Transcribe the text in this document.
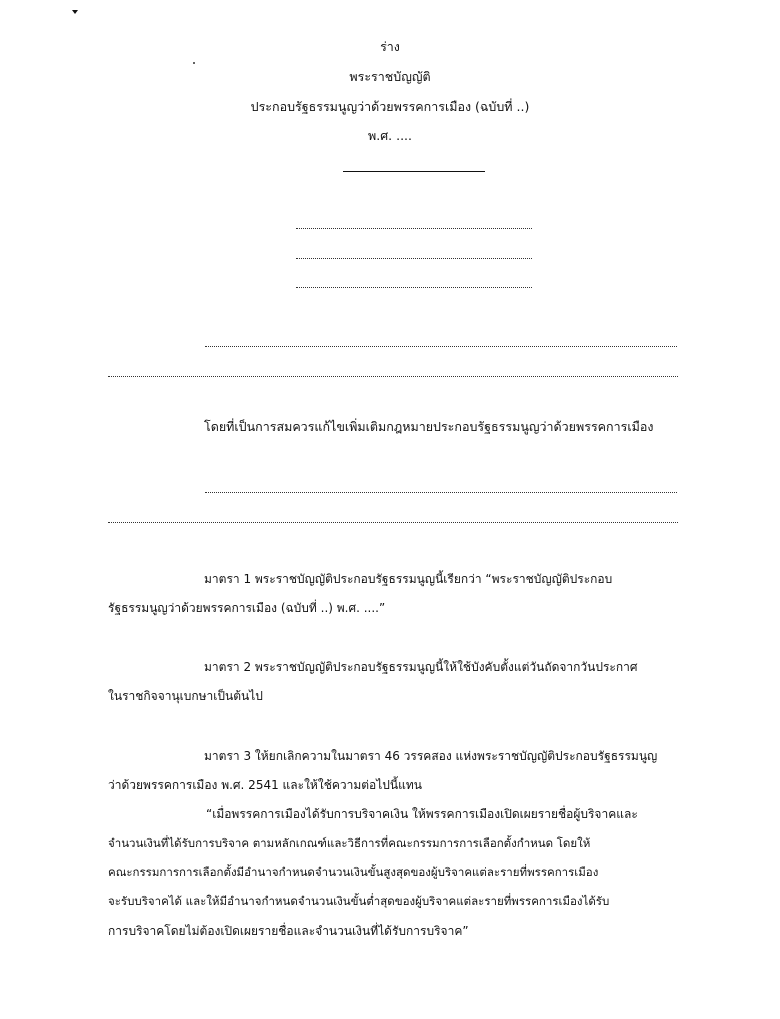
ร่าง
พระราชบัญญัติ
ประกอบรัฐธรรมนูญว่าด้วยพรรคการเมือง (ฉบับที่ ..)
พ.ศ. ....
โดยที่เป็นการสมควรแก้ไขเพิ่มเติมกฎหมายประกอบรัฐธรรมนูญว่าด้วยพรรคการเมือง
มาตรา 1 พระราชบัญญัติประกอบรัฐธรรมนูญนี้เรียกว่า “พระราชบัญญัติประกอบ
รัฐธรรมนูญว่าด้วยพรรคการเมือง (ฉบับที่ ..) พ.ศ. ....”
มาตรา 2 พระราชบัญญัติประกอบรัฐธรรมนูญนี้ให้ใช้บังคับตั้งแต่วันถัดจากวันประกาศ
ในราชกิจจานุเบกษาเป็นต้นไป
มาตรา 3 ให้ยกเลิกความในมาตรา 46 วรรคสอง แห่งพระราชบัญญัติประกอบรัฐธรรมนูญ
ว่าด้วยพรรคการเมือง พ.ศ. 2541 และให้ใช้ความต่อไปนี้แทน
“เมื่อพรรคการเมืองได้รับการบริจาคเงิน ให้พรรคการเมืองเปิดเผยรายชื่อผู้บริจาคและ
จำนวนเงินที่ได้รับการบริจาค ตามหลักเกณฑ์และวิธีการที่คณะกรรมการการเลือกตั้งกำหนด โดยให้
คณะกรรมการการเลือกตั้งมีอำนาจกำหนดจำนวนเงินขั้นสูงสุดของผู้บริจาคแต่ละรายที่พรรคการเมือง
จะรับบริจาคได้ และให้มีอำนาจกำหนดจำนวนเงินขั้นต่ำสุดของผู้บริจาคแต่ละรายที่พรรคการเมืองได้รับ
การบริจาคโดยไม่ต้องเปิดเผยรายชื่อและจำนวนเงินที่ได้รับการบริจาค”
